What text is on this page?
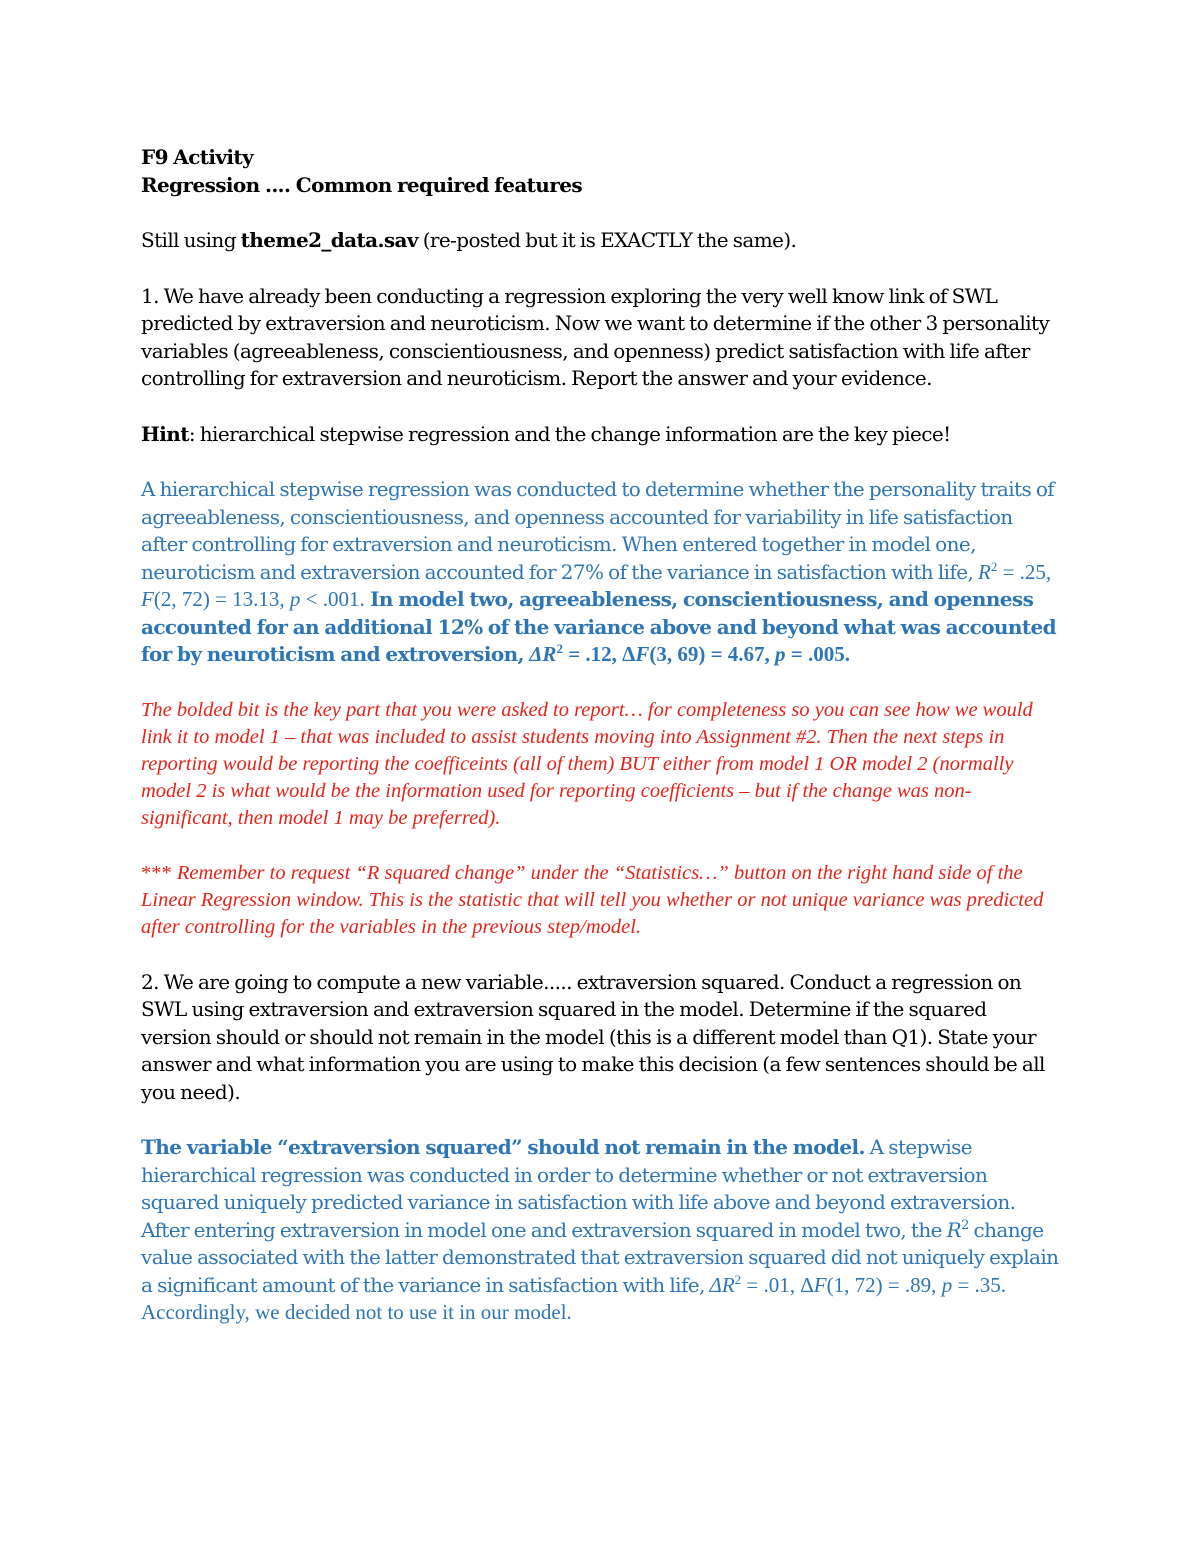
F9 Activity

Regression .... Common required features

Still using theme2_data.sav (re-posted but it is EXACTLY the same).

1. We have already been conducting a regression exploring the very well know link of SWL predicted by extraversion and neuroticism. Now we want to determine if the other 3 personality variables (agreeableness, conscientiousness, and openness) predict satisfaction with life after controlling for extraversion and neuroticism. Report the answer and your evidence.

Hint: hierarchical stepwise regression and the change information are the key piece!

A hierarchical stepwise regression was conducted to determine whether the personality traits of agreeableness, conscientiousness, and openness accounted for variability in life satisfaction after controlling for extraversion and neuroticism. When entered together in model one, neuroticism and extraversion accounted for 27% of the variance in satisfaction with life, $R^2 = .25$, F(2, 72) = 13.13, p < .001. In model two, agreeableness, conscientiousness, and openness accounted for an additional 12% of the variance above and beyond what was accounted for by neuroticism and extroversion, $\Delta R^2 = .12$, ΔF(3, 69) = 4.67, p = .005.

The bolded bit is the key part that you were asked to report… for completeness so you can see how we would link it to model 1 – that was included to assist students moving into Assignment #2. Then the next steps in reporting would be reporting the coefficeints (all of them) BUT either from model 1 OR model 2 (normally model 2 is what would be the information used for reporting coefficients – but if the change was non-significant, then model 1 may be preferred).

*** Remember to request “R squared change” under the “Statistics…” button on the right hand side of the Linear Regression window. This is the statistic that will tell you whether or not unique variance was predicted after controlling for the variables in the previous step/model.

2. We are going to compute a new variable..... extraversion squared. Conduct a regression on SWL using extraversion and extraversion squared in the model. Determine if the squared version should or should not remain in the model (this is a different model than Q1). State your answer and what information you are using to make this decision (a few sentences should be all you need).

The variable “extraversion squared” should not remain in the model. A stepwise hierarchical regression was conducted in order to determine whether or not extraversion squared uniquely predicted variance in satisfaction with life above and beyond extraversion. After entering extraversion in model one and extraversion squared in model two, the $R^2$ change value associated with the latter demonstrated that extraversion squared did not uniquely explain a significant amount of the variance in satisfaction with life, $\Delta R^2 = .01$, ΔF(1, 72) = .89, p = .35. Accordingly, we decided not to use it in our model.
